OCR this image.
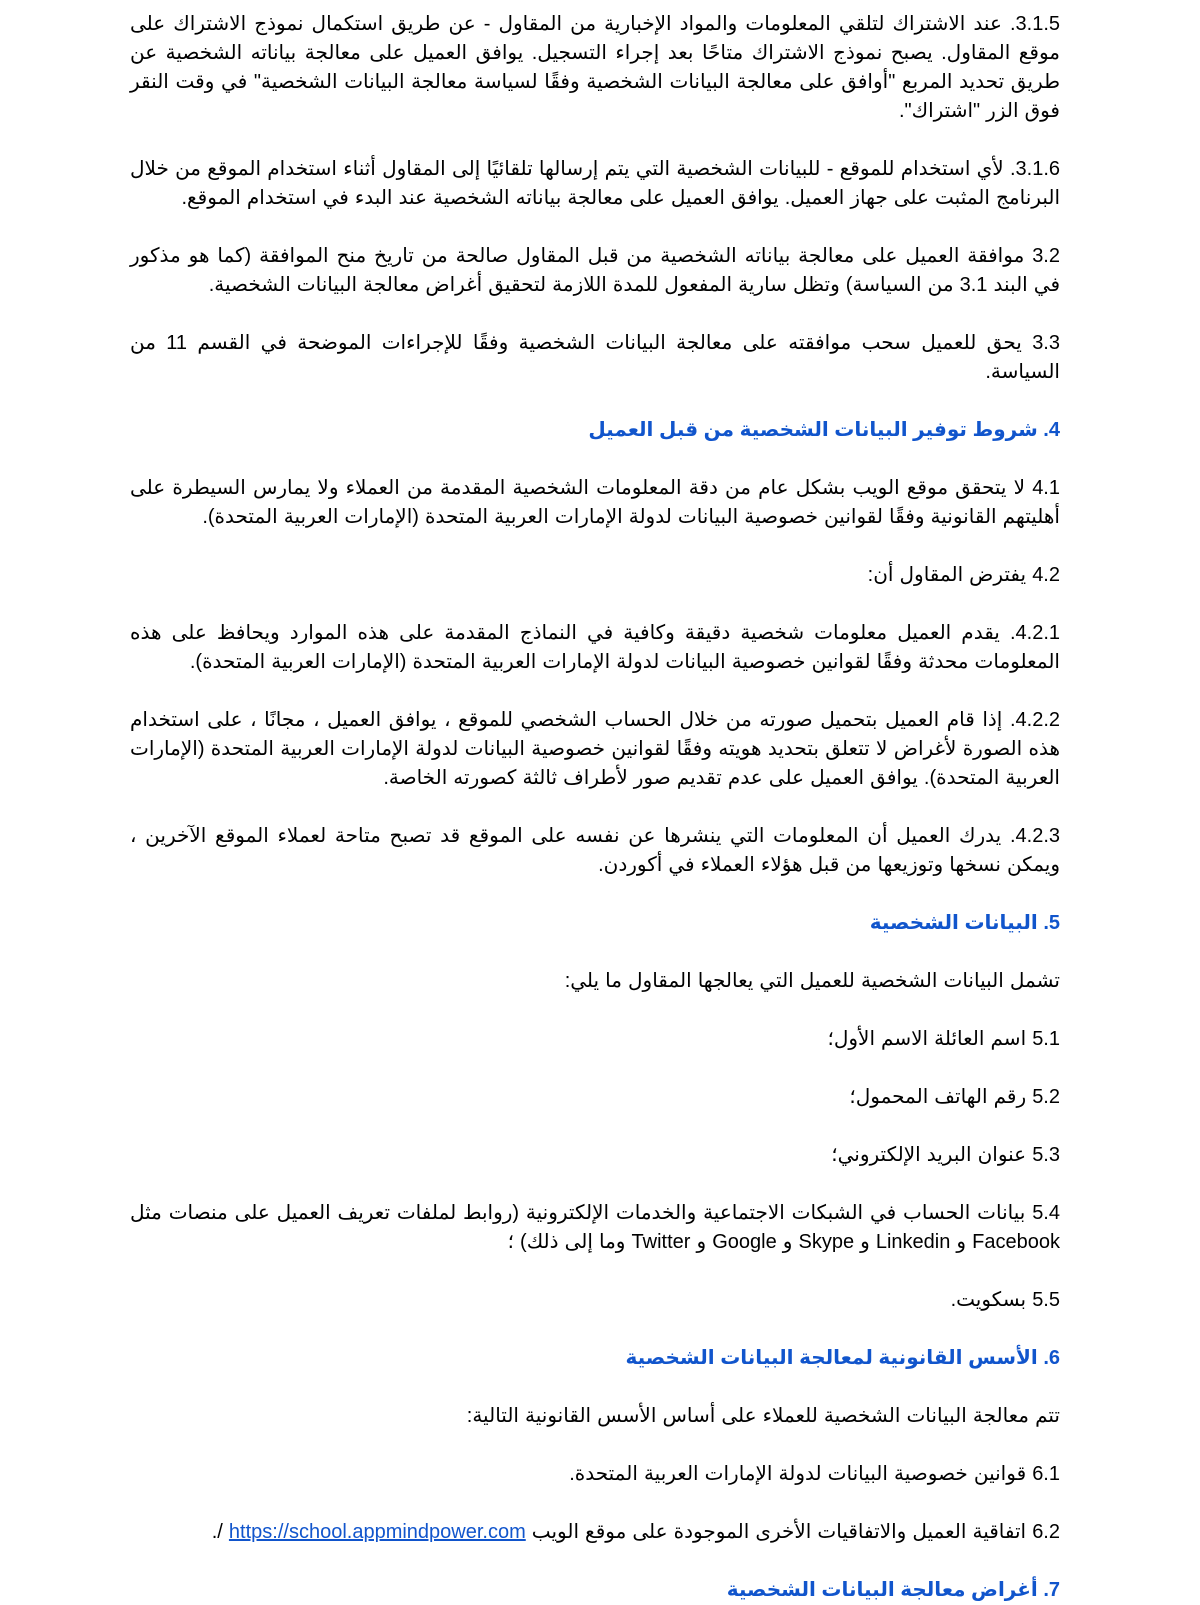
3.1.5. عند الاشتراك لتلقي المعلومات والمواد الإخبارية من المقاول - عن طريق استكمال نموذج الاشتراك على موقع المقاول. يصبح نموذج الاشتراك متاحًا بعد إجراء التسجيل. يوافق العميل على معالجة بياناته الشخصية عن طريق تحديد المربع "أوافق على معالجة البيانات الشخصية وفقًا لسياسة معالجة البيانات الشخصية" في وقت النقر فوق الزر "اشتراك".

3.1.6. لأي استخدام للموقع - للبيانات الشخصية التي يتم إرسالها تلقائيًا إلى المقاول أثناء استخدام الموقع من خلال البرنامج المثبت على جهاز العميل. يوافق العميل على معالجة بياناته الشخصية عند البدء في استخدام الموقع.

3.2 موافقة العميل على معالجة بياناته الشخصية من قبل المقاول صالحة من تاريخ منح الموافقة (كما هو مذكور في البند 3.1 من السياسة) وتظل سارية المفعول للمدة اللازمة لتحقيق أغراض معالجة البيانات الشخصية.

3.3 يحق للعميل سحب موافقته على معالجة البيانات الشخصية وفقًا للإجراءات الموضحة في القسم 11 من السياسة.

4. شروط توفير البيانات الشخصية من قبل العميل

4.1 لا يتحقق موقع الويب بشكل عام من دقة المعلومات الشخصية المقدمة من العملاء ولا يمارس السيطرة على أهليتهم القانونية وفقًا لقوانين خصوصية البيانات لدولة الإمارات العربية المتحدة (الإمارات العربية المتحدة).

4.2 يفترض المقاول أن:

4.2.1. يقدم العميل معلومات شخصية دقيقة وكافية في النماذج المقدمة على هذه الموارد ويحافظ على هذه المعلومات محدثة وفقًا لقوانين خصوصية البيانات لدولة الإمارات العربية المتحدة (الإمارات العربية المتحدة).

4.2.2. إذا قام العميل بتحميل صورته من خلال الحساب الشخصي للموقع ، يوافق العميل ، مجانًا ، على استخدام هذه الصورة لأغراض لا تتعلق بتحديد هويته وفقًا لقوانين خصوصية البيانات لدولة الإمارات العربية المتحدة (الإمارات العربية المتحدة). يوافق العميل على عدم تقديم صور لأطراف ثالثة كصورته الخاصة.

4.2.3. يدرك العميل أن المعلومات التي ينشرها عن نفسه على الموقع قد تصبح متاحة لعملاء الموقع الآخرين ، ويمكن نسخها وتوزيعها من قبل هؤلاء العملاء في أكوردن.

5. البيانات الشخصية

تشمل البيانات الشخصية للعميل التي يعالجها المقاول ما يلي:

5.1 اسم العائلة الاسم الأول؛

5.2 رقم الهاتف المحمول؛

5.3 عنوان البريد الإلكتروني؛

5.4 بيانات الحساب في الشبكات الاجتماعية والخدمات الإلكترونية (روابط لملفات تعريف العميل على منصات مثل Facebook و Linkedin و Skype و Google و Twitter وما إلى ذلك) ؛

5.5 بسكويت.

6. الأسس القانونية لمعالجة البيانات الشخصية

تتم معالجة البيانات الشخصية للعملاء على أساس الأسس القانونية التالية:

6.1 قوانين خصوصية البيانات لدولة الإمارات العربية المتحدة.

6.2 اتفاقية العميل والاتفاقيات الأخرى الموجودة على موقع الويب https://school.appmindpower.com /.

7. أغراض معالجة البيانات الشخصية
